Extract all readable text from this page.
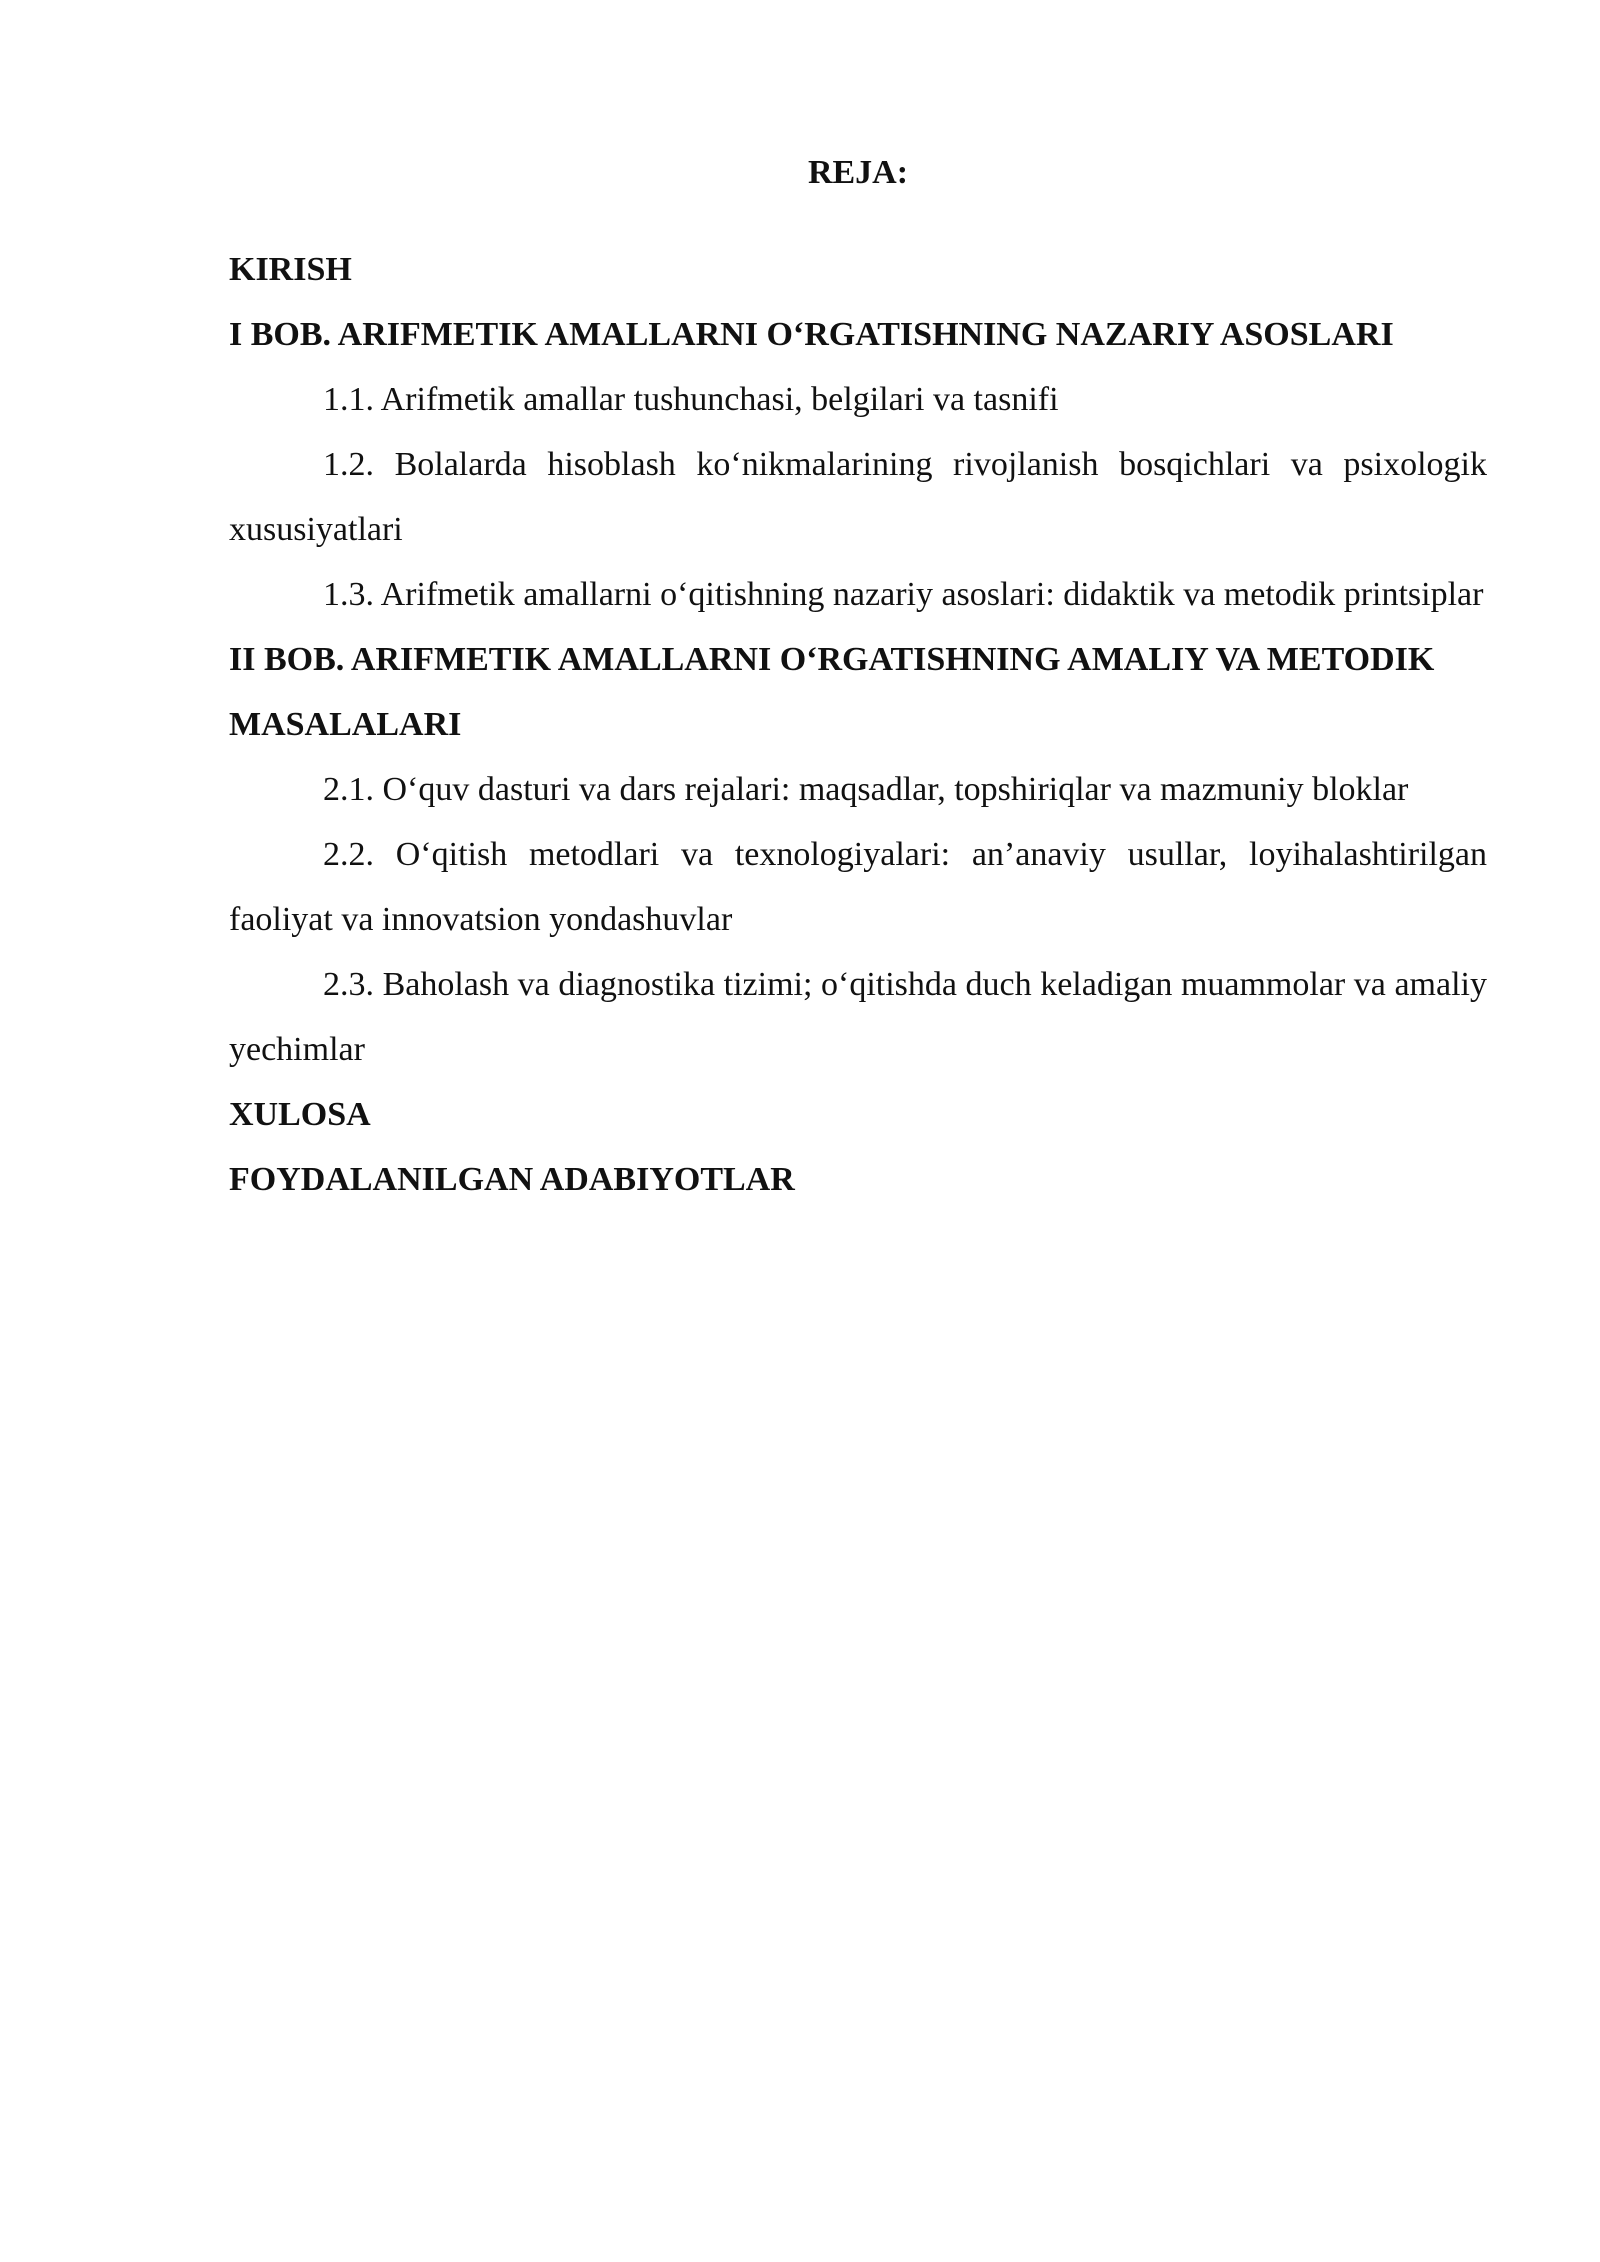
REJA:

KIRISH

I BOB. ARIFMETIK AMALLARNI O‘RGATISHNING NAZARIY ASOSLARI

1.1. Arifmetik amallar tushunchasi, belgilari va tasnifi

1.2. Bolalarda hisoblash ko‘nikmalarining rivojlanish bosqichlari va psixologik xususiyatlari

1.3. Arifmetik amallarni o‘qitishning nazariy asoslari: didaktik va metodik printsiplar

II BOB. ARIFMETIK AMALLARNI O‘RGATISHNING AMALIY VA METODIK MASALALARI

2.1. O‘quv dasturi va dars rejalari: maqsadlar, topshiriqlar va mazmuniy bloklar

2.2. O‘qitish metodlari va texnologiyalari: an’anaviy usullar, loyihalashtirilgan faoliyat va innovatsion yondashuvlar

2.3. Baholash va diagnostika tizimi; o‘qitishda duch keladigan muammolar va amaliy yechimlar

XULOSA

FOYDALANILGAN ADABIYOTLAR
